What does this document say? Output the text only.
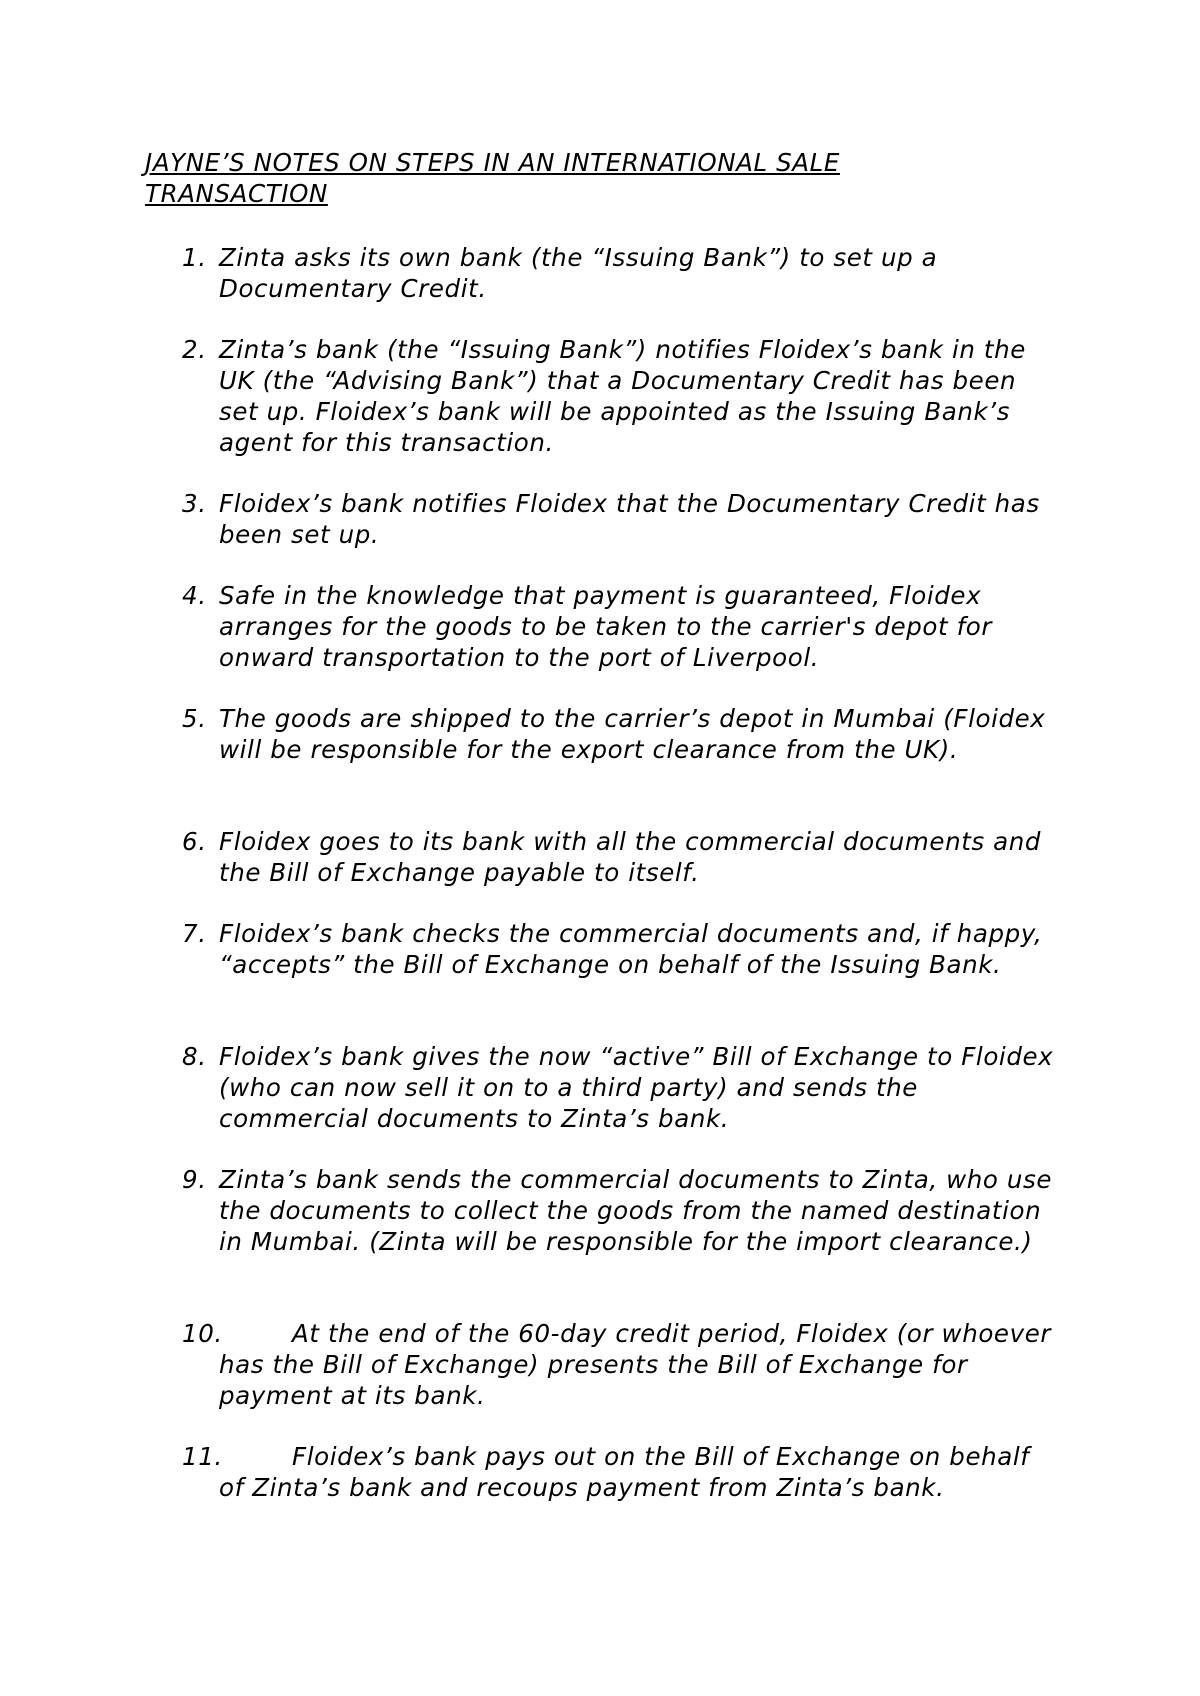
JAYNE’S NOTES ON STEPS IN AN INTERNATIONAL SALE
TRANSACTION
1. Zinta asks its own bank (the “Issuing Bank”) to set up a Documentary Credit.
2. Zinta’s bank (the “Issuing Bank”) notifies Floidex’s bank in the UK (the “Advising Bank”) that a Documentary Credit has been set up. Floidex’s bank will be appointed as the Issuing Bank’s agent for this transaction.
3. Floidex’s bank notifies Floidex that the Documentary Credit has been set up.
4. Safe in the knowledge that payment is guaranteed, Floidex arranges for the goods to be taken to the carrier's depot for onward transportation to the port of Liverpool.
5. The goods are shipped to the carrier’s depot in Mumbai (Floidex will be responsible for the export clearance from the UK).
6. Floidex goes to its bank with all the commercial documents and the Bill of Exchange payable to itself.
7. Floidex’s bank checks the commercial documents and, if happy, “accepts” the Bill of Exchange on behalf of the Issuing Bank.
8. Floidex’s bank gives the now “active” Bill of Exchange to Floidex (who can now sell it on to a third party) and sends the commercial documents to Zinta’s bank.
9. Zinta’s bank sends the commercial documents to Zinta, who use the documents to collect the goods from the named destination in Mumbai. (Zinta will be responsible for the import clearance.)
10.	At the end of the 60-day credit period, Floidex (or whoever has the Bill of Exchange) presents the Bill of Exchange for payment at its bank.
11.	Floidex’s bank pays out on the Bill of Exchange on behalf of Zinta’s bank and recoups payment from Zinta’s bank.
